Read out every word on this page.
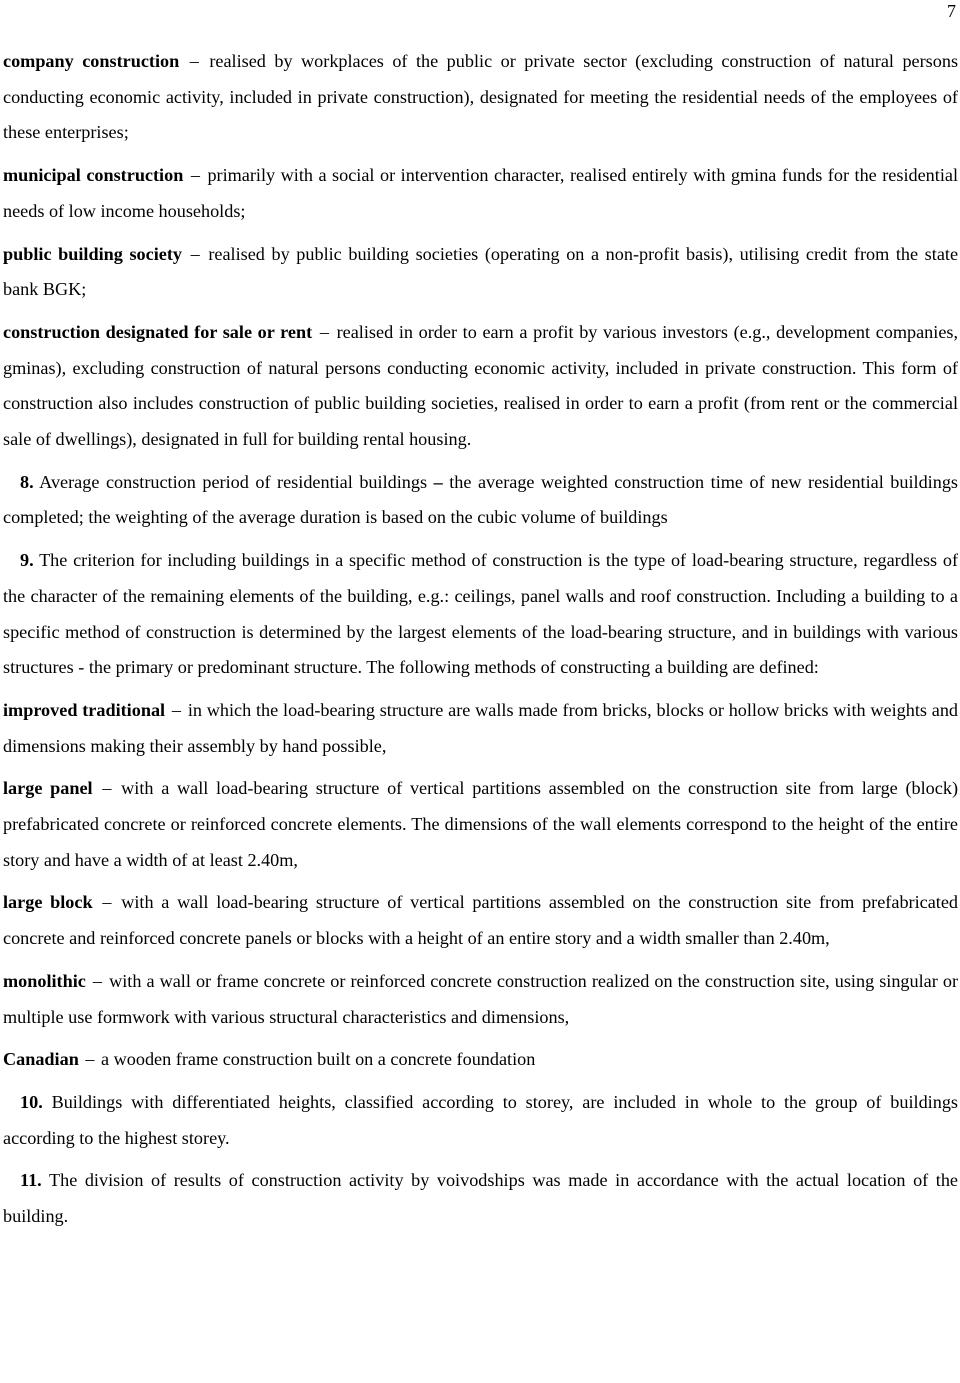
7

company construction – realised by workplaces of the public or private sector (excluding construction of natural persons conducting economic activity, included in private construction), designated for meeting the residential needs of the employees of these enterprises;

municipal construction – primarily with a social or intervention character, realised entirely with gmina funds for the residential needs of low income households;

public building society – realised by public building societies (operating on a non-profit basis), utilising credit from the state bank BGK;

construction designated for sale or rent – realised in order to earn a profit by various investors (e.g., development companies, gminas), excluding construction of natural persons conducting economic activity, included in private construction. This form of construction also includes construction of public building societies, realised in order to earn a profit (from rent or the commercial sale of dwellings), designated in full for building rental housing.

8. Average construction period of residential buildings – the average weighted construction time of new residential buildings completed; the weighting of the average duration is based on the cubic volume of buildings

9. The criterion for including buildings in a specific method of construction is the type of load-bearing structure, regardless of the character of the remaining elements of the building, e.g.: ceilings, panel walls and roof construction. Including a building to a specific method of construction is determined by the largest elements of the load-bearing structure, and in buildings with various structures - the primary or predominant structure. The following methods of constructing a building are defined:

improved traditional – in which the load-bearing structure are walls made from bricks, blocks or hollow bricks with weights and dimensions making their assembly by hand possible,

large panel – with a wall load-bearing structure of vertical partitions assembled on the construction site from large (block) prefabricated concrete or reinforced concrete elements. The dimensions of the wall elements correspond to the height of the entire story and have a width of at least 2.40m,

large block – with a wall load-bearing structure of vertical partitions assembled on the construction site from prefabricated concrete and reinforced concrete panels or blocks with a height of an entire story and a width smaller than 2.40m,

monolithic – with a wall or frame concrete or reinforced concrete construction realized on the construction site, using singular or multiple use formwork with various structural characteristics and dimensions,

Canadian – a wooden frame construction built on a concrete foundation

10. Buildings with differentiated heights, classified according to storey, are included in whole to the group of buildings according to the highest storey.

11. The division of results of construction activity by voivodships was made in accordance with the actual location of the building.
